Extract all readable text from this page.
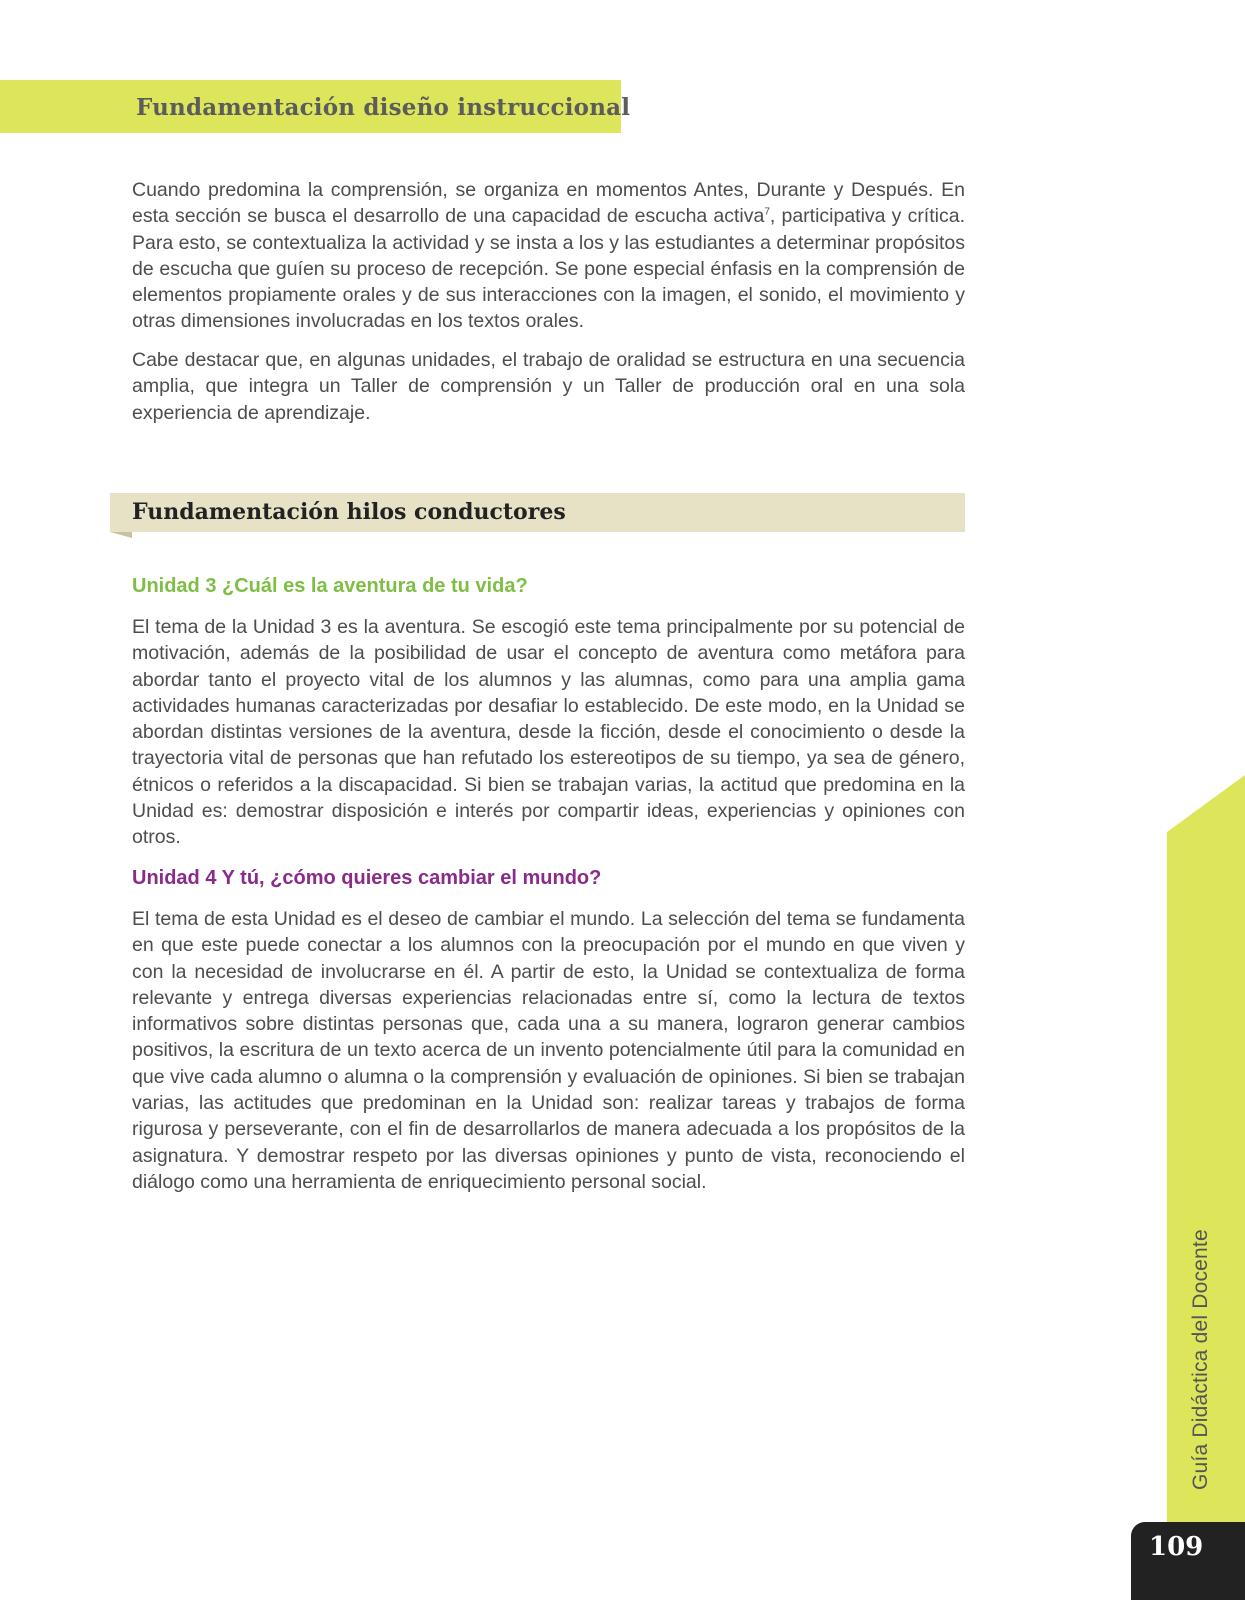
Fundamentación diseño instruccional

Cuando predomina la comprensión, se organiza en momentos Antes, Durante y Después. En esta sección se busca el desarrollo de una capacidad de escucha activa$^7$, participativa y crítica. Para esto, se contextualiza la actividad y se insta a los y las estudiantes a determinar propósitos de escucha que guíen su proceso de recepción. Se pone especial énfasis en la comprensión de elementos propiamente orales y de sus interacciones con la imagen, el sonido, el movimiento y otras dimensiones involucradas en los textos orales.

Cabe destacar que, en algunas unidades, el trabajo de oralidad se estructura en una secuencia amplia, que integra un Taller de comprensión y un Taller de producción oral en una sola experiencia de aprendizaje.

Fundamentación hilos conductores
Unidad 3 ¿Cuál es la aventura de tu vida?

El tema de la Unidad 3 es la aventura. Se escogió este tema principalmente por su potencial de motivación, además de la posibilidad de usar el concepto de aventura como metáfora para abordar tanto el proyecto vital de los alumnos y las alumnas, como para una amplia gama actividades humanas caracterizadas por desafiar lo establecido. De este modo, en la Unidad se abordan distintas versiones de la aventura, desde la ficción, desde el conocimiento o desde la trayectoria vital de personas que han refutado los estereotipos de su tiempo, ya sea de género, étnicos o referidos a la discapacidad. Si bien se trabajan varias, la actitud que predomina en la Unidad es: demostrar disposición e interés por compartir ideas, experiencias y opiniones con otros.

Unidad 4 Y tú, ¿cómo quieres cambiar el mundo?

El tema de esta Unidad es el deseo de cambiar el mundo. La selección del tema se fundamenta en que este puede conectar a los alumnos con la preocupación por el mundo en que viven y con la necesidad de involucrarse en él. A partir de esto, la Unidad se contextualiza de forma relevante y entrega diversas experiencias relacionadas entre sí, como la lectura de textos informativos sobre distintas personas que, cada una a su manera, lograron generar cambios positivos, la escritura de un texto acerca de un invento potencialmente útil para la comunidad en que vive cada alumno o alumna o la comprensión y evaluación de opiniones. Si bien se trabajan varias, las actitudes que predominan en la Unidad son: realizar tareas y trabajos de forma rigurosa y perseverante, con el fin de desarrollarlos de manera adecuada a los propósitos de la asignatura. Y demostrar respeto por las diversas opiniones y punto de vista, reconociendo el diálogo como una herramienta de enriquecimiento personal social.

Guía Didáctica del Docente
109
